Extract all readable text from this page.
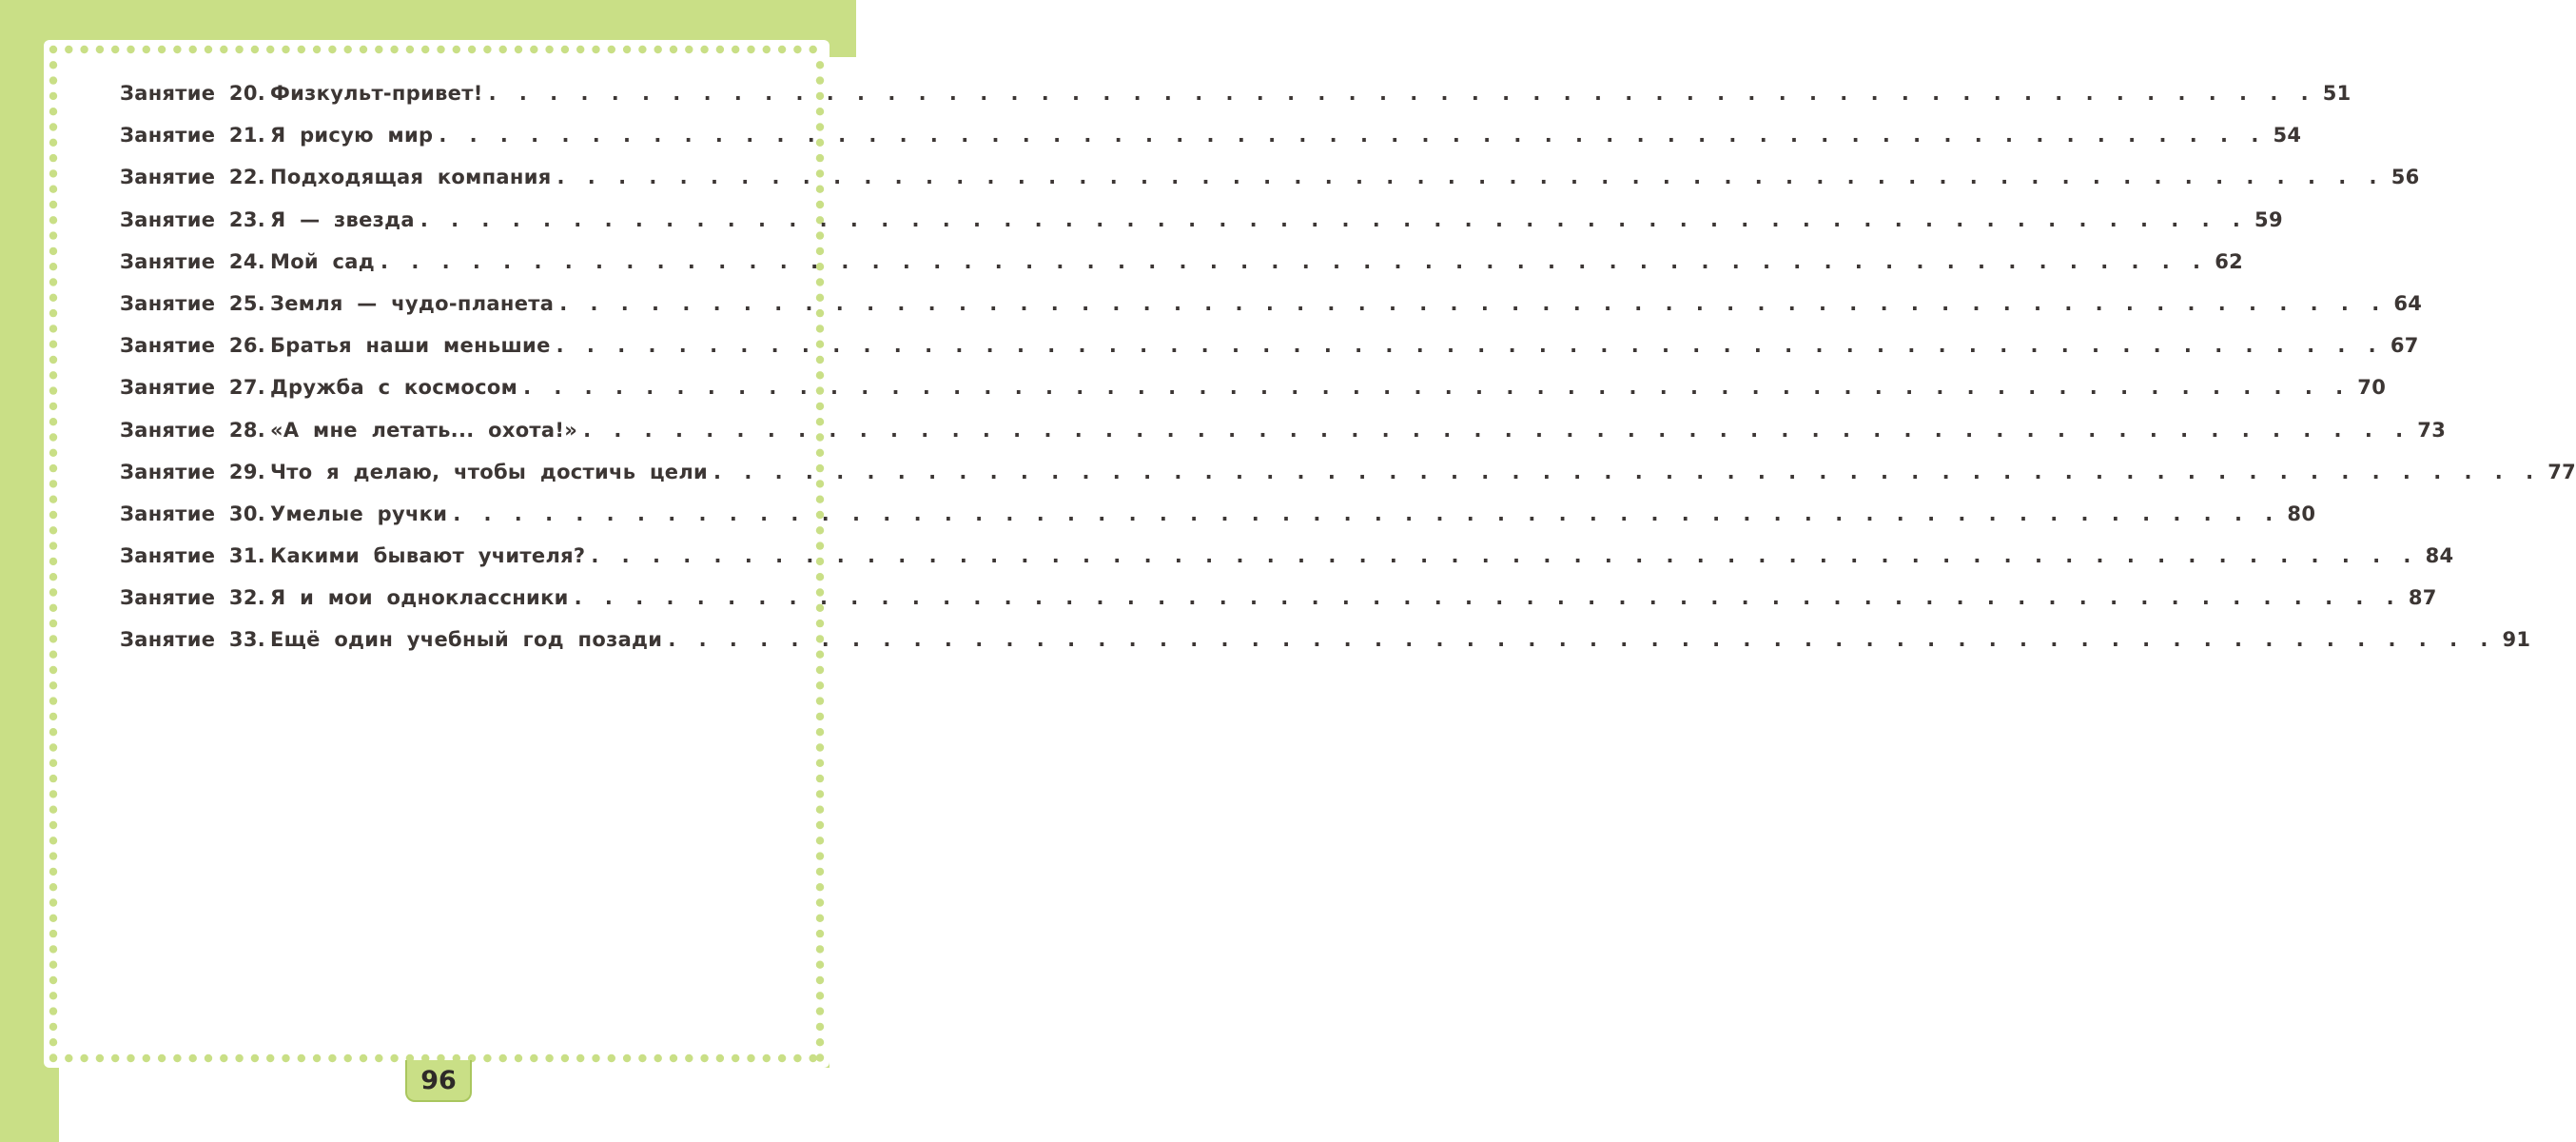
Занятие 20. Физкульт-привет! . . . . . . . . . . . . . . . . . . . . . . . . . . . . . . . . . . . . . . . . . . . . . . . . . . . . . . . . . . . . 51
Занятие 21. Я рисую мир . . . . . . . . . . . . . . . . . . . . . . . . . . . . . . . . . . . . . . . . . . . . . . . . . . . . . . . . . . . . 54
Занятие 22. Подходящая компания . . . . . . . . . . . . . . . . . . . . . . . . . . . . . . . . . . . . . . . . . . . . . . . . . . . . . . . . . . . . 56
Занятие 23. Я — звезда . . . . . . . . . . . . . . . . . . . . . . . . . . . . . . . . . . . . . . . . . . . . . . . . . . . . . . . . . . . . 59
Занятие 24. Мой сад . . . . . . . . . . . . . . . . . . . . . . . . . . . . . . . . . . . . . . . . . . . . . . . . . . . . . . . . . . . . 62
Занятие 25. Земля — чудо-планета . . . . . . . . . . . . . . . . . . . . . . . . . . . . . . . . . . . . . . . . . . . . . . . . . . . . . . . . . . . . 64
Занятие 26. Братья наши меньшие . . . . . . . . . . . . . . . . . . . . . . . . . . . . . . . . . . . . . . . . . . . . . . . . . . . . . . . . . . . . 67
Занятие 27. Дружба с космосом . . . . . . . . . . . . . . . . . . . . . . . . . . . . . . . . . . . . . . . . . . . . . . . . . . . . . . . . . . . . 70
Занятие 28. «А мне летать... охота!» . . . . . . . . . . . . . . . . . . . . . . . . . . . . . . . . . . . . . . . . . . . . . . . . . . . . . . . . . . . . 73
Занятие 29. Что я делаю, чтобы достичь цели . . . . . . . . . . . . . . . . . . . . . . . . . . . . . . . . . . . . . . . . . . . . . . . . . . . . . . . . . . . . 77
Занятие 30. Умелые ручки . . . . . . . . . . . . . . . . . . . . . . . . . . . . . . . . . . . . . . . . . . . . . . . . . . . . . . . . . . . . 80
Занятие 31. Какими бывают учителя? . . . . . . . . . . . . . . . . . . . . . . . . . . . . . . . . . . . . . . . . . . . . . . . . . . . . . . . . . . . . 84
Занятие 32. Я и мои одноклассники . . . . . . . . . . . . . . . . . . . . . . . . . . . . . . . . . . . . . . . . . . . . . . . . . . . . . . . . . . . . 87
Занятие 33. Ещё один учебный год позади . . . . . . . . . . . . . . . . . . . . . . . . . . . . . . . . . . . . . . . . . . . . . . . . . . . . . . . . . . . . 91
96
